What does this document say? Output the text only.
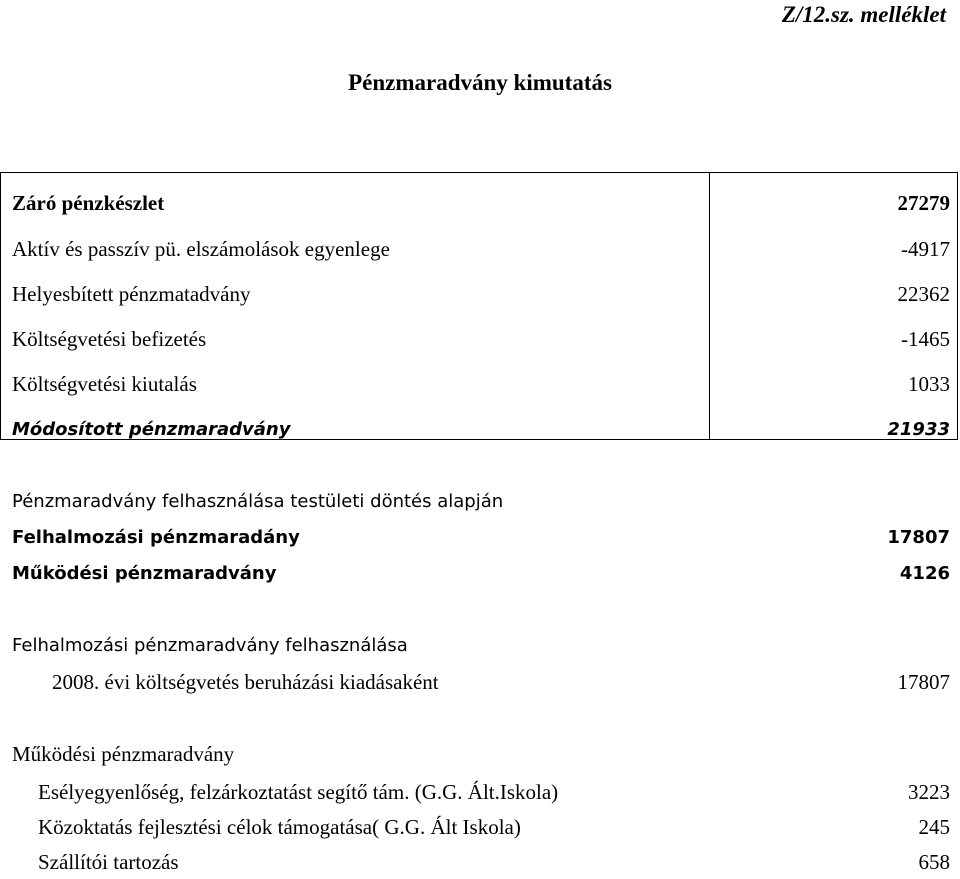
Z/12.sz. melléklet
Pénzmaradvány kimutatás
Záró pénzkészlet	27279
Aktív és passzív pü. elszámolások egyenlege	-4917
Helyesbített pénzmatadvány	22362
Költségvetési befizetés	-1465
Költségvetési kiutalás	1033
Módosított pénzmaradvány	21933
Pénzmaradvány felhasználása testületi döntés alapján
Felhalmozási pénzmaradány	17807
Működési pénzmaradvány	4126
Felhalmozási pénzmaradvány felhasználása
2008. évi költségvetés beruházási kiadásaként	17807
Működési pénzmaradvány
Esélyegyenlőség, felzárkoztatást segítő tám. (G.G. Ált.Iskola)	3223
Közoktatás fejlesztési célok támogatása( G.G. Ált Iskola)	245
Szállítói tartozás	658
